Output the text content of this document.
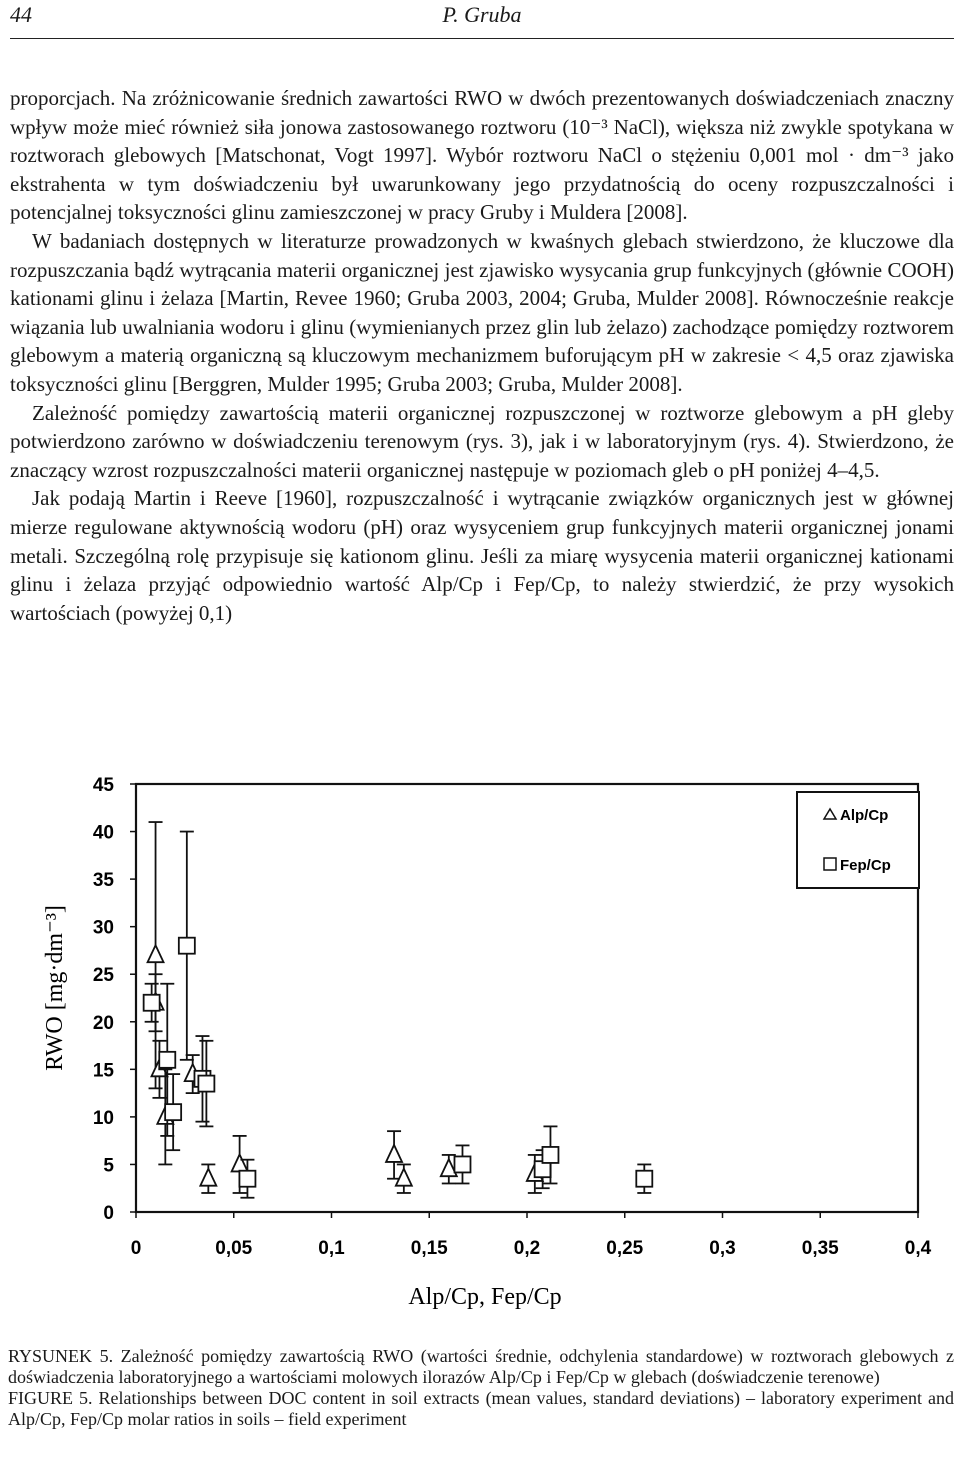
44	P. Gruba

proporcjach. Na zróżnicowanie średnich zawartości RWO w dwóch prezentowanych doświadczeniach znaczny wpływ może mieć również siła jonowa zastosowanego roztworu (10⁻³ NaCl), większa niż zwykle spotykana w roztworach glebowych [Matschonat, Vogt 1997]. Wybór roztworu NaCl o stężeniu 0,001 mol · dm⁻³ jako ekstrahenta w tym doświadczeniu był uwarunkowany jego przydatnością do oceny rozpuszczalności i potencjalnej toksyczności glinu zamieszczonej w pracy Gruby i Muldera [2008].

W badaniach dostępnych w literaturze prowadzonych w kwaśnych glebach stwierdzono, że kluczowe dla rozpuszczania bądź wytrącania materii organicznej jest zjawisko wysycania grup funkcyjnych (głównie COOH) kationami glinu i żelaza [Martin, Revee 1960; Gruba 2003, 2004; Gruba, Mulder 2008]. Równocześnie reakcje wiązania lub uwalniania wodoru i glinu (wymienianych przez glin lub żelazo) zachodzące pomiędzy roztworem glebowym a materią organiczną są kluczowym mechanizmem buforującym pH w zakresie < 4,5 oraz zjawiska toksyczności glinu [Berggren, Mulder 1995; Gruba 2003; Gruba, Mulder 2008].

Zależność pomiędzy zawartością materii organicznej rozpuszczonej w roztworze glebowym a pH gleby potwierdzono zarówno w doświadczeniu terenowym (rys. 3), jak i w laboratoryjnym (rys. 4). Stwierdzono, że znaczący wzrost rozpuszczalności materii organicznej następuje w poziomach gleb o pH poniżej 4–4,5.

Jak podają Martin i Reeve [1960], rozpuszczalność i wytrącanie związków organicznych jest w głównej mierze regulowane aktywnością wodoru (pH) oraz wysyceniem grup funkcyjnych materii organicznej jonami metali. Szczególną rolę przypisuje się kationom glinu. Jeśli za miarę wysycenia materii organicznej kationami glinu i żelaza przyjąć odpowiednio wartość Alp/Cp i Fep/Cp, to należy stwierdzić, że przy wysokich wartościach (powyżej 0,1)

0
5
10
15
20
25
30
35
40
45
0	0,05	0,1	0,15	0,2	0,25	0,3	0,35	0,4
RWO [mg·dm⁻³]
Alp/Cp, Fep/Cp
Alp/Cp
Fep/Cp

RYSUNEK 5. Zależność pomiędzy zawartością RWO (wartości średnie, odchylenia standardowe) w roztworach glebowych z doświadczenia laboratoryjnego a wartościami molowych ilorazów Alp/Cp i Fep/Cp w glebach (doświadczenie terenowe)

FIGURE 5. Relationships between DOC content in soil extracts (mean values, standard deviations) – laboratory experiment and Alp/Cp, Fep/Cp molar ratios in soils – field experiment
